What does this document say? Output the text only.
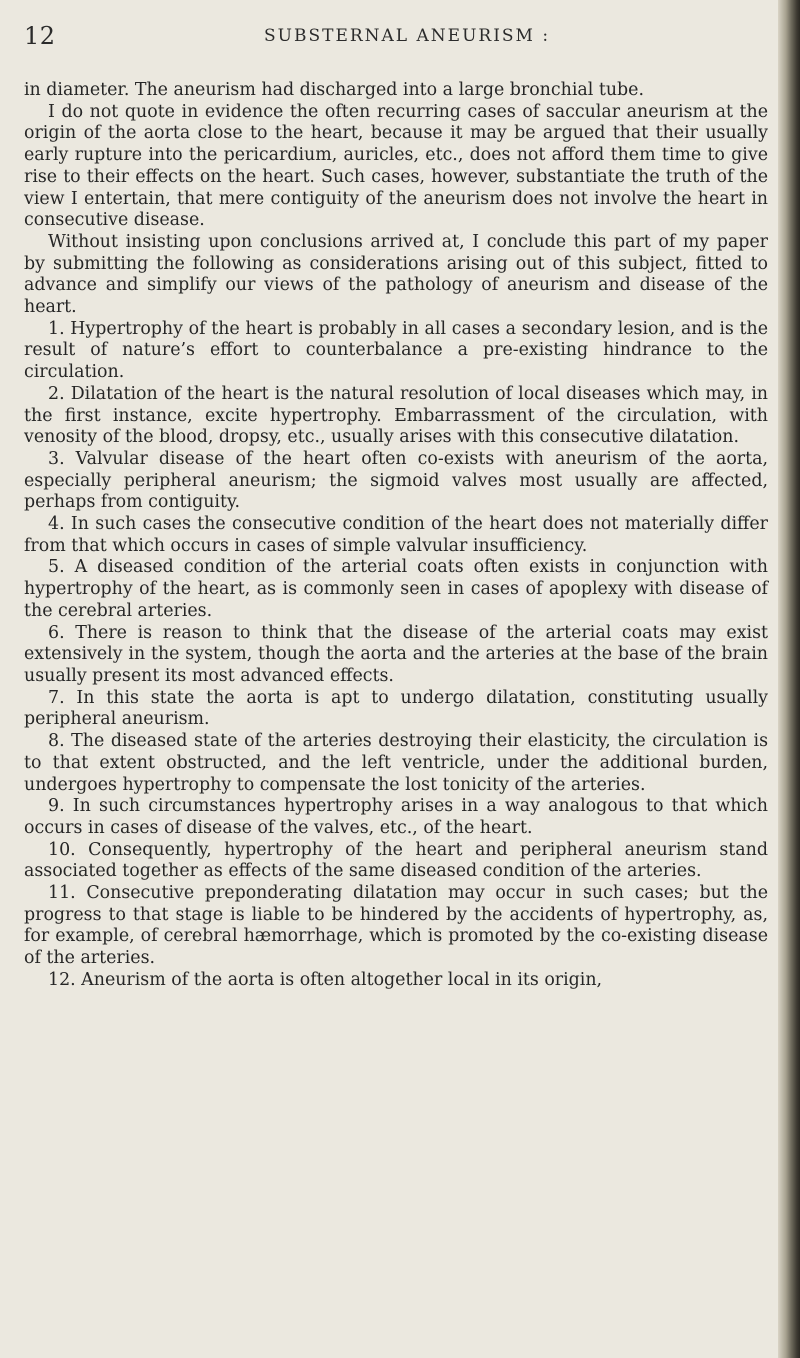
12	SUBSTERNAL ANEURISM :

in diameter. The aneurism had discharged into a large bronchial tube.

I do not quote in evidence the often recurring cases of saccular aneurism at the origin of the aorta close to the heart, because it may be argued that their usually early rupture into the pericardium, auricles, etc., does not afford them time to give rise to their effects on the heart. Such cases, however, substantiate the truth of the view I entertain, that mere contiguity of the aneurism does not involve the heart in consecutive disease.

Without insisting upon conclusions arrived at, I conclude this part of my paper by submitting the following as considerations arising out of this subject, fitted to advance and simplify our views of the pathology of aneurism and disease of the heart.

1. Hypertrophy of the heart is probably in all cases a secondary lesion, and is the result of nature’s effort to counterbalance a pre-existing hindrance to the circulation.

2. Dilatation of the heart is the natural resolution of local diseases which may, in the first instance, excite hypertrophy. Embarrassment of the circulation, with venosity of the blood, dropsy, etc., usually arises with this consecutive dilatation.

3. Valvular disease of the heart often co-exists with aneurism of the aorta, especially peripheral aneurism; the sigmoid valves most usually are affected, perhaps from contiguity.

4. In such cases the consecutive condition of the heart does not materially differ from that which occurs in cases of simple valvular insufficiency.

5. A diseased condition of the arterial coats often exists in conjunction with hypertrophy of the heart, as is commonly seen in cases of apoplexy with disease of the cerebral arteries.

6. There is reason to think that the disease of the arterial coats may exist extensively in the system, though the aorta and the arteries at the base of the brain usually present its most advanced effects.

7. In this state the aorta is apt to undergo dilatation, constituting usually peripheral aneurism.

8. The diseased state of the arteries destroying their elasticity, the circulation is to that extent obstructed, and the left ventricle, under the additional burden, undergoes hypertrophy to compensate the lost tonicity of the arteries.

9. In such circumstances hypertrophy arises in a way analogous to that which occurs in cases of disease of the valves, etc., of the heart.

10. Consequently, hypertrophy of the heart and peripheral aneurism stand associated together as effects of the same diseased condition of the arteries.

11. Consecutive preponderating dilatation may occur in such cases; but the progress to that stage is liable to be hindered by the accidents of hypertrophy, as, for example, of cerebral hæmorrhage, which is promoted by the co-existing disease of the arteries.

12. Aneurism of the aorta is often altogether local in its origin,
